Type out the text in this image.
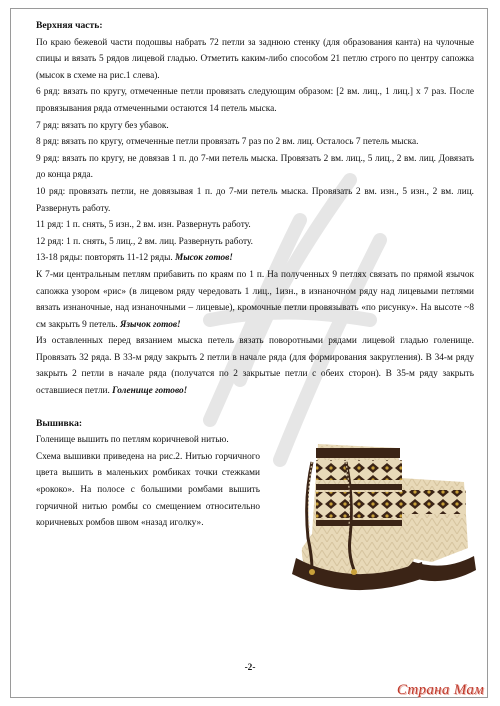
Верхняя часть:

По краю бежевой части подошвы набрать 72 петли за заднюю стенку (для образования канта) на чулочные спицы и вязать 5 рядов лицевой гладью. Отметить каким-либо способом 21 петлю строго по центру сапожка (мысок в схеме на рис.1 слева).

6 ряд: вязать по кругу, отмеченные петли провязать следующим образом: [2 вм. лиц., 1 лиц.] х 7 раз. После провязывания ряда отмеченными остаются 14 петель мыска.

7 ряд: вязать по кругу без убавок.

8 ряд: вязать по кругу, отмеченные петли провязать 7 раз по 2 вм. лиц. Осталось 7 петель мыска.

9 ряд: вязать по кругу, не довязав 1 п. до 7-ми петель мыска. Провязать 2 вм. лиц., 5 лиц., 2 вм. лиц. Довязать до конца ряда.

10 ряд: провязать петли, не довязывая 1 п. до 7-ми петель мыска. Провязать 2 вм. изн., 5 изн., 2 вм. лиц. Развернуть работу.

11 ряд: 1 п. снять, 5 изн., 2 вм. изн. Развернуть работу.

12 ряд: 1 п. снять, 5 лиц., 2 вм. лиц. Развернуть работу.

13-18 ряды: повторять 11-12 ряды. Мысок готов!

К 7-ми центральным петлям прибавить по краям по 1 п. На полученных 9 петлях связать по прямой язычок сапожка узором «рис» (в лицевом ряду чередовать 1 лиц., 1изн., в изнаночном ряду над лицевыми петлями вязать изнаночные, над изнаночными – лицевые), кромочные петли провязывать «по рисунку». На высоте ~8 см закрыть 9 петель. Язычок готов!

Из оставленных перед вязанием мыска петель вязать поворотными рядами лицевой гладью голенище. Провязать 32 ряда. В 33-м ряду закрыть 2 петли в начале ряда (для формирования закругления). В 34-м ряду закрыть 2 петли в начале ряда (получатся по 2 закрытые петли с обеих сторон). В 35-м ряду закрыть оставшиеся петли. Голенище готово!

Вышивка:

Голенище вышить по петлям коричневой нитью.

Схема вышивки приведена на рис.2. Нитью горчичного цвета вышить в маленьких ромбиках точки стежками «рококо». На полосе с большими ромбами вышить горчичной нитью ромбы со смещением относительно коричневых ромбов швом «назад иголку».

-2-
Страна Мам
